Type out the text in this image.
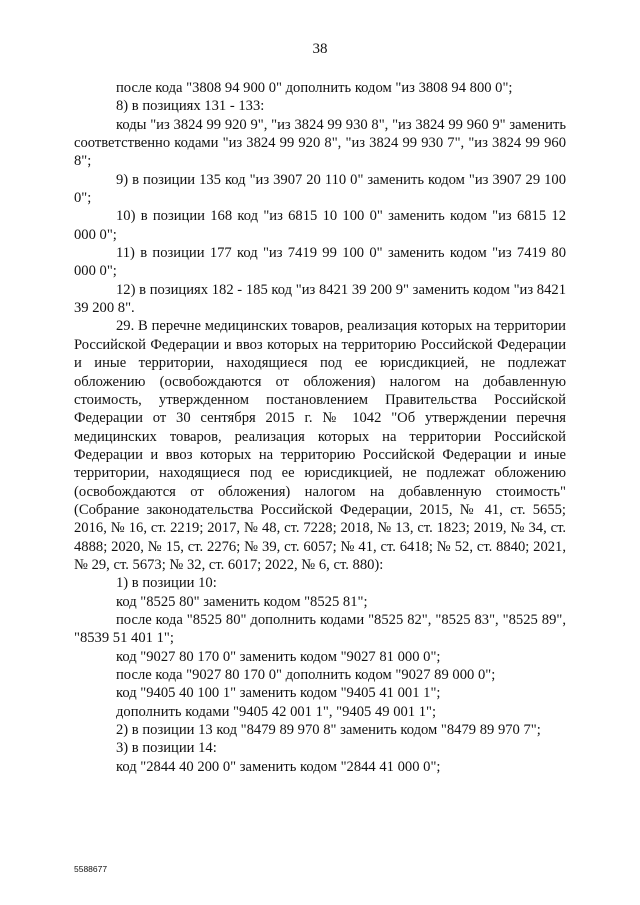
38

после кода "3808 94 900 0" дополнить кодом "из 3808 94 800 0";

8) в позициях 131 - 133:

коды "из 3824 99 920 9", "из 3824 99 930 8", "из 3824 99 960 9" заменить соответственно кодами "из 3824 99 920 8", "из 3824 99 930 7", "из 3824 99 960 8";

9) в позиции 135 код "из 3907 20 110 0" заменить кодом "из 3907 29 100 0";

10) в позиции 168 код "из 6815 10 100 0" заменить кодом "из 6815 12 000 0";

11) в позиции 177 код "из 7419 99 100 0" заменить кодом "из 7419 80 000 0";

12) в позициях 182 - 185 код "из 8421 39 200 9" заменить кодом "из 8421 39 200 8".

29. В перечне медицинских товаров, реализация которых на территории Российской Федерации и ввоз которых на территорию Российской Федерации и иные территории, находящиеся под ее юрисдикцией, не подлежат обложению (освобождаются от обложения) налогом на добавленную стоимость, утвержденном постановлением Правительства Российской Федерации от 30 сентября 2015 г. № 1042 "Об утверждении перечня медицинских товаров, реализация которых на территории Российской Федерации и ввоз которых на территорию Российской Федерации и иные территории, находящиеся под ее юрисдикцией, не подлежат обложению (освобождаются от обложения) налогом на добавленную стоимость" (Собрание законодательства Российской Федерации, 2015, № 41, ст. 5655; 2016, № 16, ст. 2219; 2017, № 48, ст. 7228; 2018, № 13, ст. 1823; 2019, № 34, ст. 4888; 2020, № 15, ст. 2276; № 39, ст. 6057; № 41, ст. 6418; № 52, ст. 8840; 2021, № 29, ст. 5673; № 32, ст. 6017; 2022, № 6, ст. 880):

1) в позиции 10:

код "8525 80" заменить кодом "8525 81";

после кода "8525 80" дополнить кодами "8525 82", "8525 83", "8525 89", "8539 51 401 1";

код "9027 80 170 0" заменить кодом "9027 81 000 0";

после кода "9027 80 170 0" дополнить кодом "9027 89 000 0";

код "9405 40 100 1" заменить кодом "9405 41 001 1";

дополнить кодами "9405 42 001 1", "9405 49 001 1";

2) в позиции 13 код "8479 89 970 8" заменить кодом "8479 89 970 7";

3) в позиции 14:

код "2844 40 200 0" заменить кодом "2844 41 000 0";

5588677
